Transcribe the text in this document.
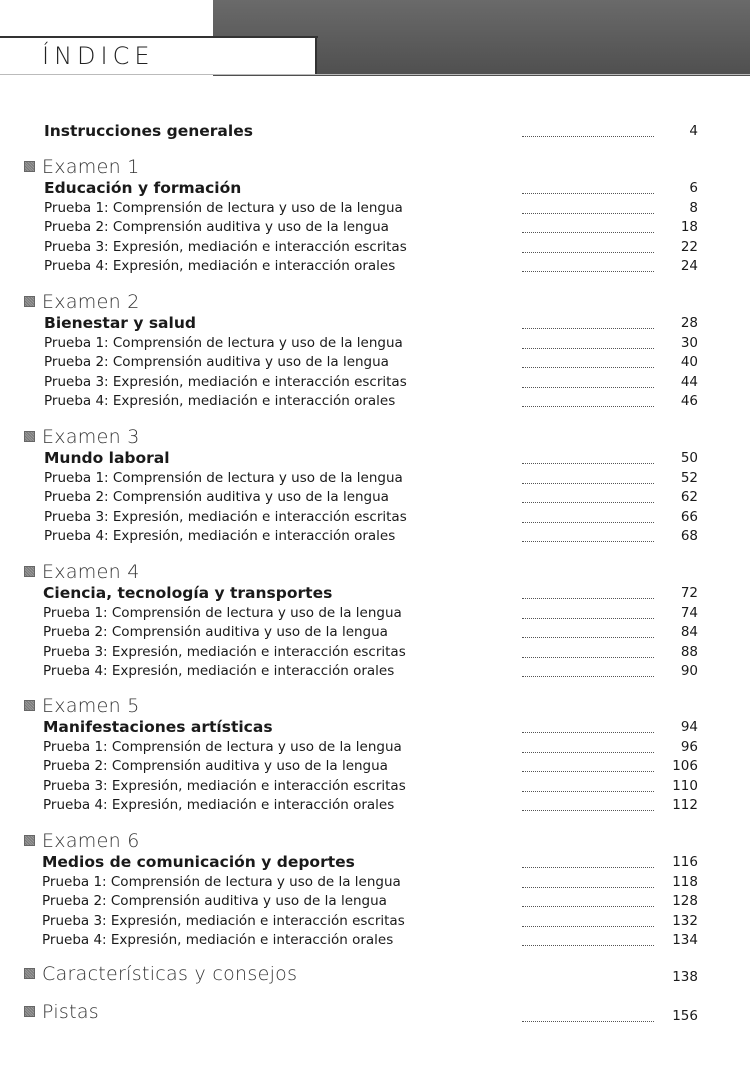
ÍNDICE
Instrucciones generales	4
Examen 1
Educación y formación	6
Prueba 1: Comprensión de lectura y uso de la lengua	8
Prueba 2: Comprensión auditiva y uso de la lengua	18
Prueba 3: Expresión, mediación e interacción escritas	22
Prueba 4: Expresión, mediación e interacción orales	24
Examen 2
Bienestar y salud	28
Prueba 1: Comprensión de lectura y uso de la lengua	30
Prueba 2: Comprensión auditiva y uso de la lengua	40
Prueba 3: Expresión, mediación e interacción escritas	44
Prueba 4: Expresión, mediación e interacción orales	46
Examen 3
Mundo laboral	50
Prueba 1: Comprensión de lectura y uso de la lengua	52
Prueba 2: Comprensión auditiva y uso de la lengua	62
Prueba 3: Expresión, mediación e interacción escritas	66
Prueba 4: Expresión, mediación e interacción orales	68
Examen 4
Ciencia, tecnología y transportes	72
Prueba 1: Comprensión de lectura y uso de la lengua	74
Prueba 2: Comprensión auditiva y uso de la lengua	84
Prueba 3: Expresión, mediación e interacción escritas	88
Prueba 4: Expresión, mediación e interacción orales	90
Examen 5
Manifestaciones artísticas	94
Prueba 1: Comprensión de lectura y uso de la lengua	96
Prueba 2: Comprensión auditiva y uso de la lengua	106
Prueba 3: Expresión, mediación e interacción escritas	110
Prueba 4: Expresión, mediación e interacción orales	112
Examen 6
Medios de comunicación y deportes	116
Prueba 1: Comprensión de lectura y uso de la lengua	118
Prueba 2: Comprensión auditiva y uso de la lengua	128
Prueba 3: Expresión, mediación e interacción escritas	132
Prueba 4: Expresión, mediación e interacción orales	134
Características y consejos	138
Pistas	156
